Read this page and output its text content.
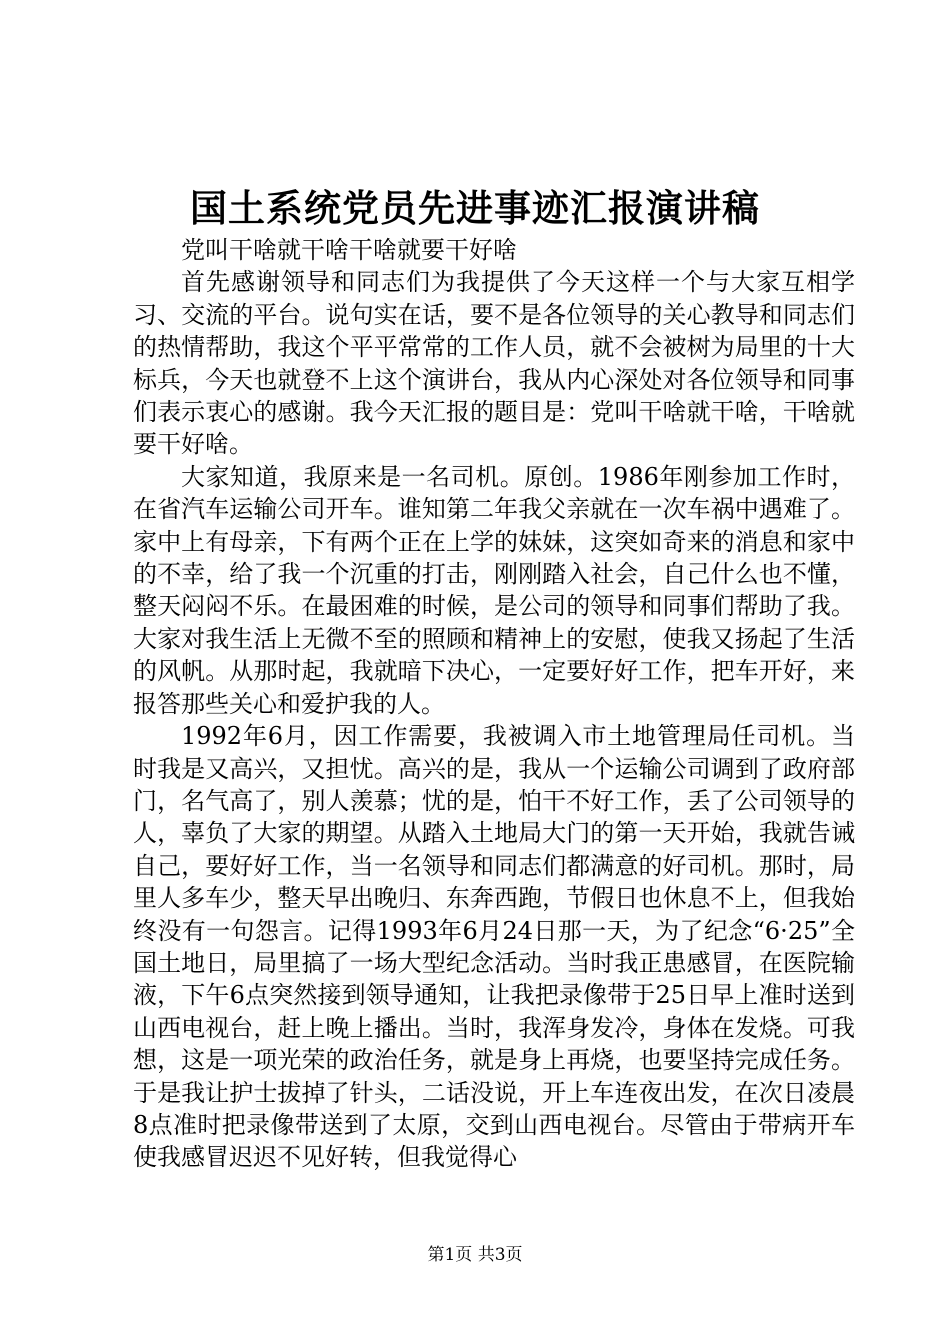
国土系统党员先进事迹汇报演讲稿

党叫干啥就干啥干啥就要干好啥

首先感谢领导和同志们为我提供了今天这样一个与大家互相学习、交流的平台。说句实在话，要不是各位领导的关心教导和同志们的热情帮助，我这个平平常常的工作人员，就不会被树为局里的十大标兵，今天也就登不上这个演讲台，我从内心深处对各位领导和同事们表示衷心的感谢。我今天汇报的题目是：党叫干啥就干啥，干啥就要干好啥。

大家知道，我原来是一名司机。原创。1986年刚参加工作时，在省汽车运输公司开车。谁知第二年我父亲就在一次车祸中遇难了。家中上有母亲，下有两个正在上学的妹妹，这突如奇来的消息和家中的不幸，给了我一个沉重的打击，刚刚踏入社会，自己什么也不懂，整天闷闷不乐。在最困难的时候，是公司的领导和同事们帮助了我。大家对我生活上无微不至的照顾和精神上的安慰，使我又扬起了生活的风帆。从那时起，我就暗下决心，一定要好好工作，把车开好，来报答那些关心和爱护我的人。

1992年6月，因工作需要，我被调入市土地管理局任司机。当时我是又高兴，又担忧。高兴的是，我从一个运输公司调到了政府部门，名气高了，别人羡慕；忧的是，怕干不好工作，丢了公司领导的人，辜负了大家的期望。从踏入土地局大门的第一天开始，我就告诫自己，要好好工作，当一名领导和同志们都满意的好司机。那时，局里人多车少，整天早出晚归、东奔西跑，节假日也休息不上，但我始终没有一句怨言。记得1993年6月24日那一天，为了纪念“6·25”全国土地日，局里搞了一场大型纪念活动。当时我正患感冒，在医院输液，下午6点突然接到领导通知，让我把录像带于25日早上准时送到山西电视台，赶上晚上播出。当时，我浑身发冷，身体在发烧。可我想，这是一项光荣的政治任务，就是身上再烧，也要坚持完成任务。于是我让护士拔掉了针头，二话没说，开上车连夜出发，在次日凌晨8点准时把录像带送到了太原，交到山西电视台。尽管由于带病开车使我感冒迟迟不见好转，但我觉得心

第1页 共3页
